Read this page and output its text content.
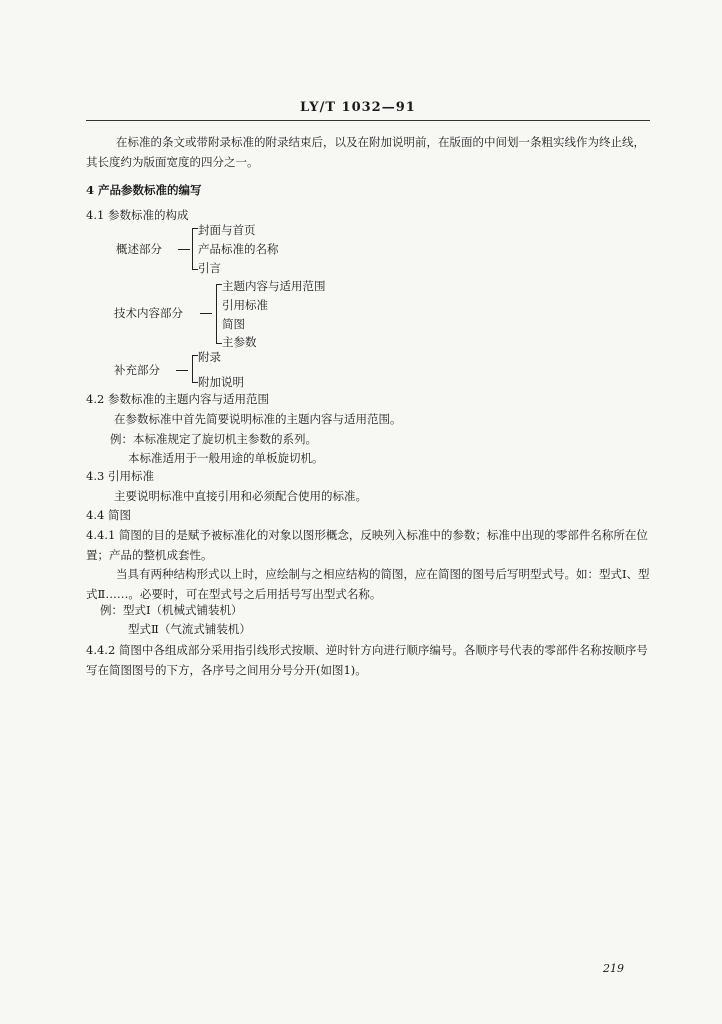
LY/T 1032—91
在标准的条文或带附录标准的附录结束后，以及在附加说明前，在版面的中间划一条粗实线作为终止线，其长度约为版面宽度的四分之一。
4 产品参数标准的编写
4.1 参数标准的构成
概述部分
封面与首页
产品标准的名称
引言
技术内容部分
主题内容与适用范围
引用标准
简图
主参数
补充部分
附录
附加说明
4.2 参数标准的主题内容与适用范围
在参数标准中首先简要说明标准的主题内容与适用范围。
例：本标准规定了旋切机主参数的系列。
本标准适用于一般用途的单板旋切机。
4.3 引用标准
主要说明标准中直接引用和必须配合使用的标准。
4.4 简图
4.4.1 简图的目的是赋予被标准化的对象以图形概念，反映列入标准中的参数；标准中出现的零部件名称所在位置；产品的整机成套性。
当具有两种结构形式以上时，应绘制与之相应结构的简图，应在简图的图号后写明型式号。如：型式Ⅰ、型式Ⅱ……。必要时，可在型式号之后用括号写出型式名称。
例：型式Ⅰ（机械式铺装机）
型式Ⅱ（气流式铺装机）
4.4.2 简图中各组成部分采用指引线形式按顺、逆时针方向进行顺序编号。各顺序号代表的零部件名称按顺序号写在简图图号的下方，各序号之间用分号分开(如图1)。
219
